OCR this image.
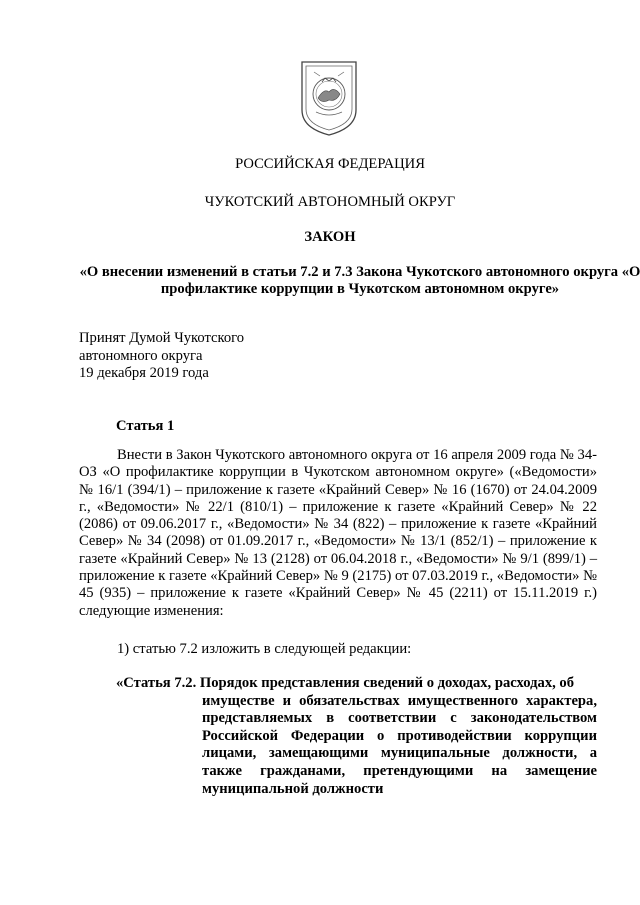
РОССИЙСКАЯ ФЕДЕРАЦИЯ
ЧУКОТСКИЙ АВТОНОМНЫЙ ОКРУГ
ЗАКОН
«О внесении изменений в статьи 7.2 и 7.3 Закона Чукотского автономного округа «О профилактике коррупции в Чукотском автономном округе»
Принят Думой Чукотского
автономного округа
19 декабря 2019 года
Статья 1
Внести в Закон Чукотского автономного округа от 16 апреля 2009 года № 34-ОЗ «О профилактике коррупции в Чукотском автономном округе» («Ведомости» № 16/1 (394/1) – приложение к газете «Крайний Север» № 16 (1670) от 24.04.2009 г., «Ведомости» № 22/1 (810/1) – приложение к газете «Крайний Север» № 22 (2086) от 09.06.2017 г., «Ведомости» № 34 (822) – приложение к газете «Крайний Север» № 34 (2098) от 01.09.2017 г., «Ведомости» № 13/1 (852/1) – приложение к газете «Крайний Север» № 13 (2128) от 06.04.2018 г., «Ведомости» № 9/1 (899/1) – приложение к газете «Крайний Север» № 9 (2175) от 07.03.2019 г., «Ведомости» № 45 (935) – приложение к газете «Крайний Север» № 45 (2211) от 15.11.2019 г.) следующие изменения:
1) статью 7.2 изложить в следующей редакции:
«Статья 7.2. Порядок представления сведений о доходах, расходах, об
имуществе и обязательствах имущественного характера, представляемых в соответствии с законодательством Российской Федерации о противодействии коррупции лицами, замещающими муниципальные должности, а также гражданами, претендующими на замещение муниципальной должности
